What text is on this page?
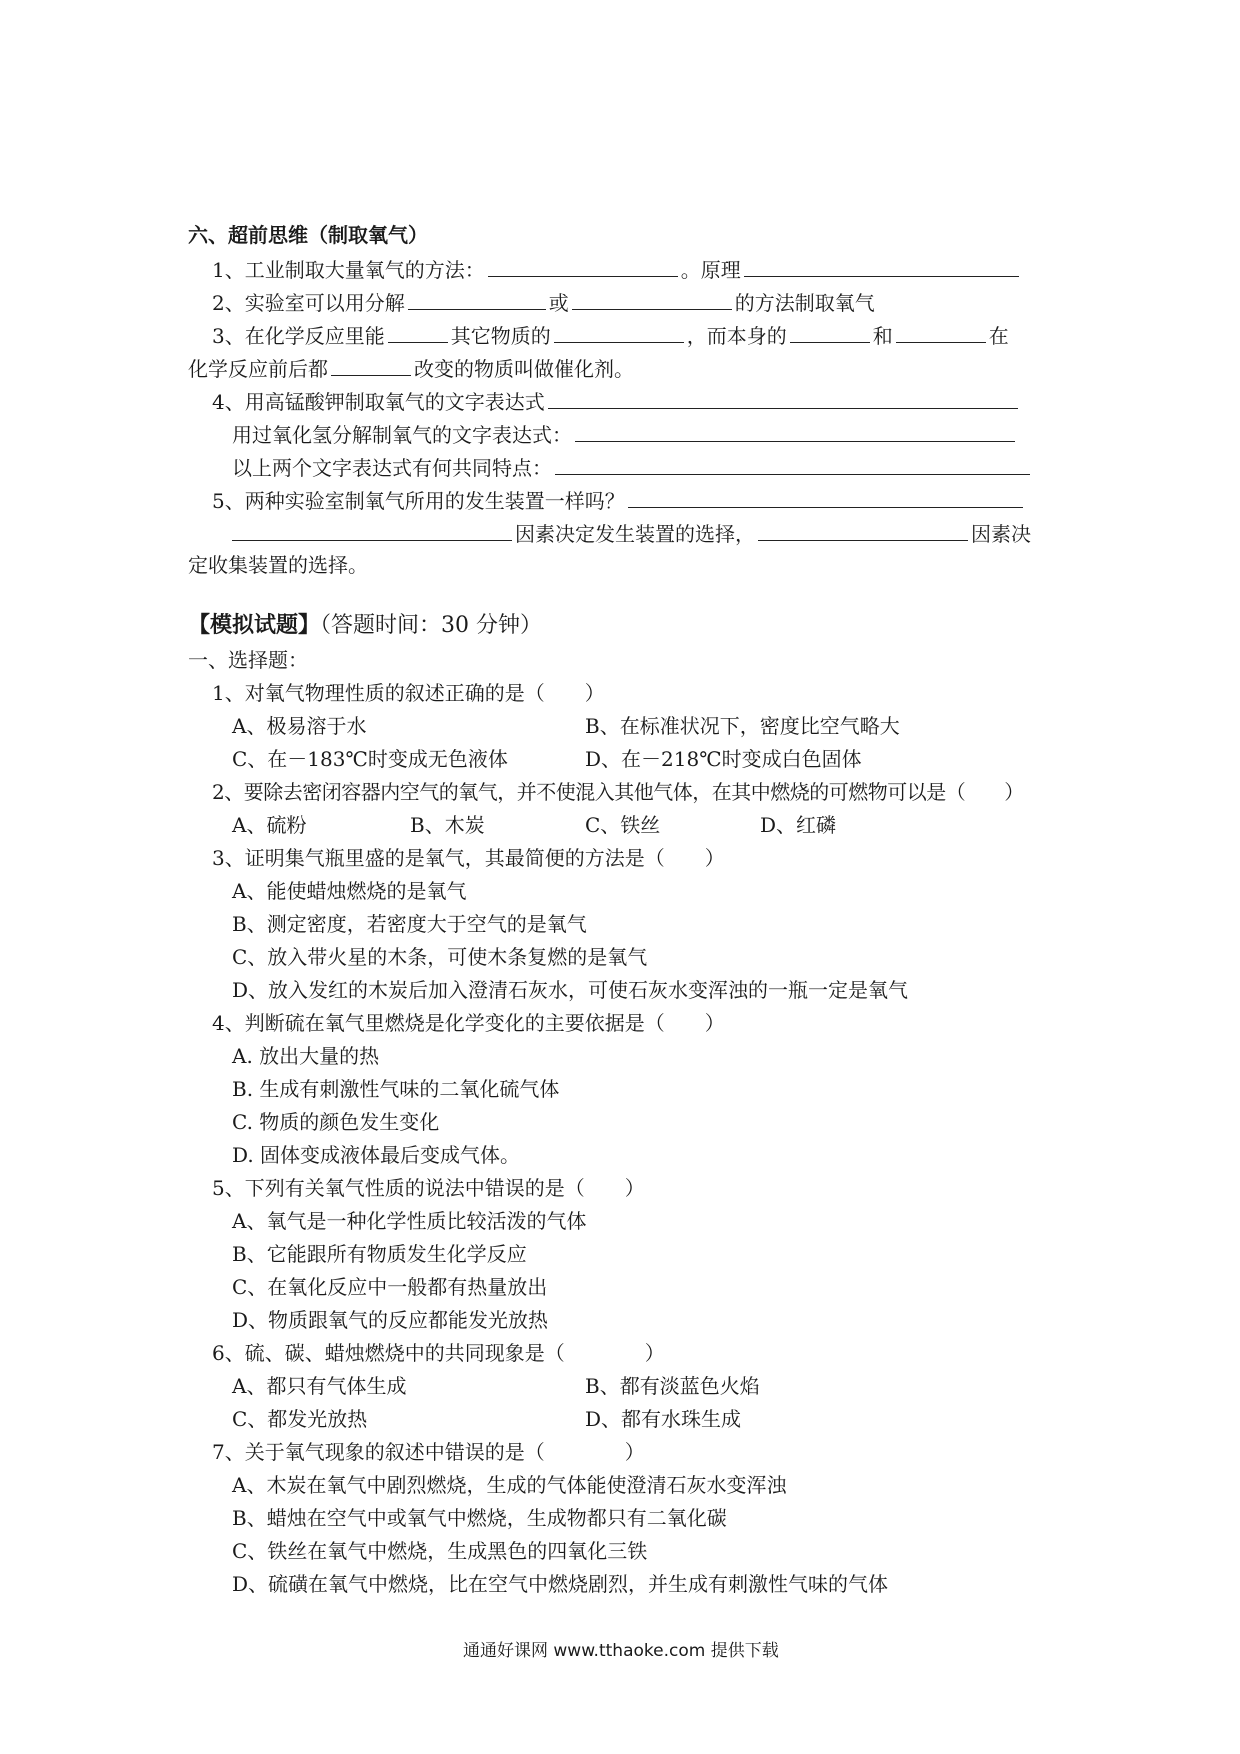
六、超前思维（制取氧气）
1、工业制取大量氧气的方法：	。原理
2、实验室可以用分解	或	的方法制取氧气
3、在化学反应里能	其它物质的	，而本身的	和	在
化学反应前后都	改变的物质叫做催化剂。
4、用高锰酸钾制取氧气的文字表达式
用过氧化氢分解制氧气的文字表达式：
以上两个文字表达式有何共同特点：
5、两种实验室制氧气所用的发生装置一样吗？
因素决定发生装置的选择，	因素决
定收集装置的选择。
【模拟试题】（答题时间：30 分钟）
一、选择题：
1、对氧气物理性质的叙述正确的是（　　）
A、极易溶于水	B、在标准状况下，密度比空气略大
C、在－183℃时变成无色液体	D、在－218℃时变成白色固体
2、要除去密闭容器内空气的氧气，并不使混入其他气体，在其中燃烧的可燃物可以是（　　）
A、硫粉	B、木炭	C、铁丝	D、红磷
3、证明集气瓶里盛的是氧气，其最简便的方法是（　　）
A、能使蜡烛燃烧的是氧气
B、测定密度，若密度大于空气的是氧气
C、放入带火星的木条，可使木条复燃的是氧气
D、放入发红的木炭后加入澄清石灰水，可使石灰水变浑浊的一瓶一定是氧气
4、判断硫在氧气里燃烧是化学变化的主要依据是（　　）
A. 放出大量的热
B. 生成有刺激性气味的二氧化硫气体
C. 物质的颜色发生变化
D. 固体变成液体最后变成气体。
5、下列有关氧气性质的说法中错误的是（　　）
A、氧气是一种化学性质比较活泼的气体
B、它能跟所有物质发生化学反应
C、在氧化反应中一般都有热量放出
D、物质跟氧气的反应都能发光放热
6、硫、碳、蜡烛燃烧中的共同现象是（　　　　）
A、都只有气体生成	B、都有淡蓝色火焰
C、都发光放热	D、都有水珠生成
7、关于氧气现象的叙述中错误的是（　　　　）
A、木炭在氧气中剧烈燃烧，生成的气体能使澄清石灰水变浑浊
B、蜡烛在空气中或氧气中燃烧，生成物都只有二氧化碳
C、铁丝在氧气中燃烧，生成黑色的四氧化三铁
D、硫磺在氧气中燃烧，比在空气中燃烧剧烈，并生成有刺激性气味的气体
通通好课网 www.tthaoke.com 提供下载
